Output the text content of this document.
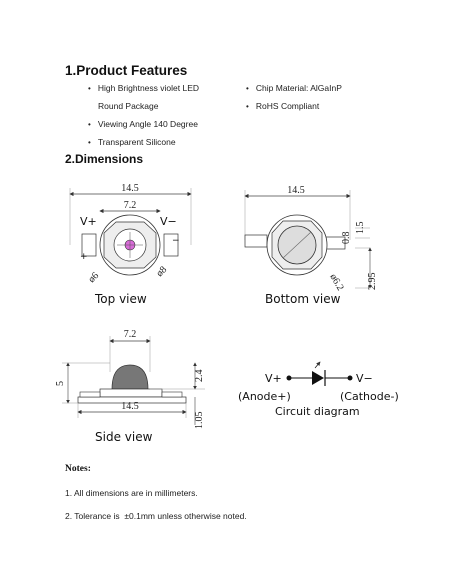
1.Product Features
• High Brightness violet LED
Round Package
• Viewing Angle 140 Degree
• Transparent Silicone
• Chip Material: AlGaInP
• RoHS Compliant
2.Dimensions
14.5
7.2
V+	V−
+
−
ø6	ø8
Top view
14.5
0.8
1.5
2.95
ø6.2
Bottom view
7.2
5
2.4
14.5
1.05
Side view
V+	V−
(Anode+)	(Cathode-)
Circuit diagram
Notes:
1. All dimensions are in millimeters.
2. Tolerance is  ±0.1mm unless otherwise noted.
